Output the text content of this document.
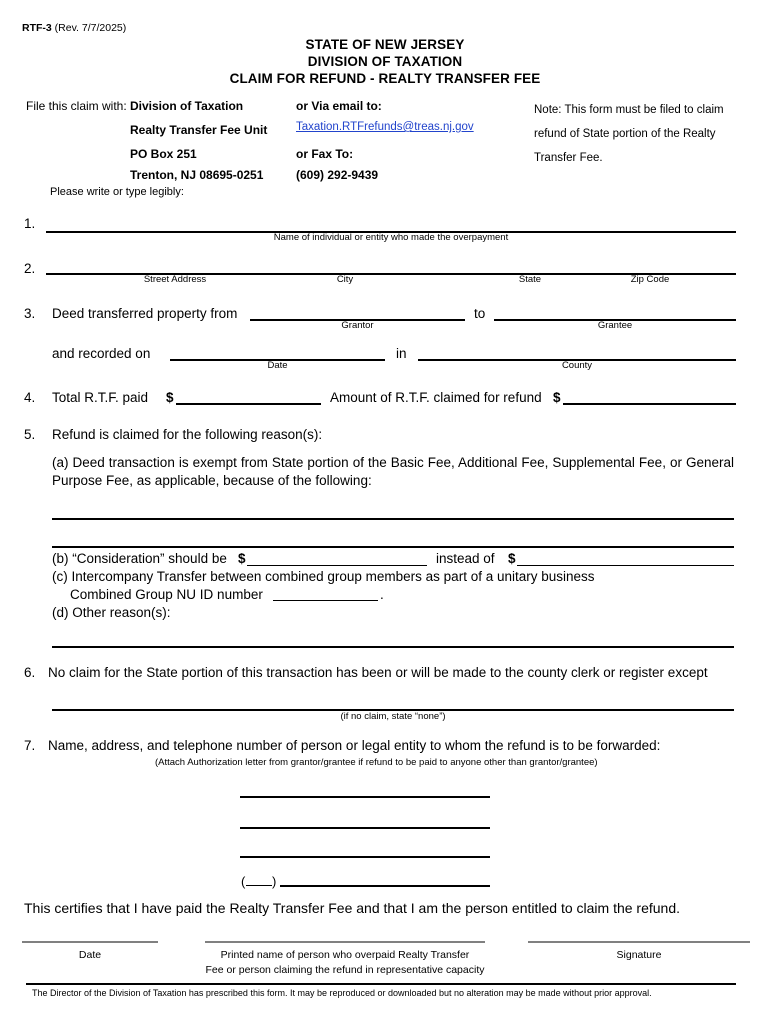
RTF-3 (Rev. 7/7/2025)
STATE OF NEW JERSEY
DIVISION OF TAXATION
CLAIM FOR REFUND - REALTY TRANSFER FEE
File this claim with: Division of Taxation
Realty Transfer Fee Unit
PO Box 251
Trenton, NJ 08695-0251
or Via email to:
Taxation.RTFrefunds@treas.nj.gov
or Fax To:
(609) 292-9439
Note: This form must be filed to claim refund of State portion of the Realty Transfer Fee.
Please write or type legibly:
1.
Name of individual or entity who made the overpayment
2.
Street Address	City	State	Zip Code
3. Deed transferred property from
Grantor
to
Grantee
and recorded on
Date
in
County
4. Total R.T.F. paid $	Amount of R.T.F. claimed for refund $
5. Refund is claimed for the following reason(s):
(a) Deed transaction is exempt from State portion of the Basic Fee, Additional Fee, Supplemental Fee, or General Purpose Fee, as applicable, because of the following:
(b) “Consideration” should be $	instead of $
(c) Intercompany Transfer between combined group members as part of a unitary business
Combined Group NU ID number	.
(d) Other reason(s):
6. No claim for the State portion of this transaction has been or will be made to the county clerk or register except
(if no claim, state “none”)
7. Name, address, and telephone number of person or legal entity to whom the refund is to be forwarded:
(Attach Authorization letter from grantor/grantee if refund to be paid to anyone other than grantor/grantee)
( )
This certifies that I have paid the Realty Transfer Fee and that I am the person entitled to claim the refund.
Date	Printed name of person who overpaid Realty Transfer
Fee or person claiming the refund in representative capacity
Signature
The Director of the Division of Taxation has prescribed this form. It may be reproduced or downloaded but no alteration may be made without prior approval.
